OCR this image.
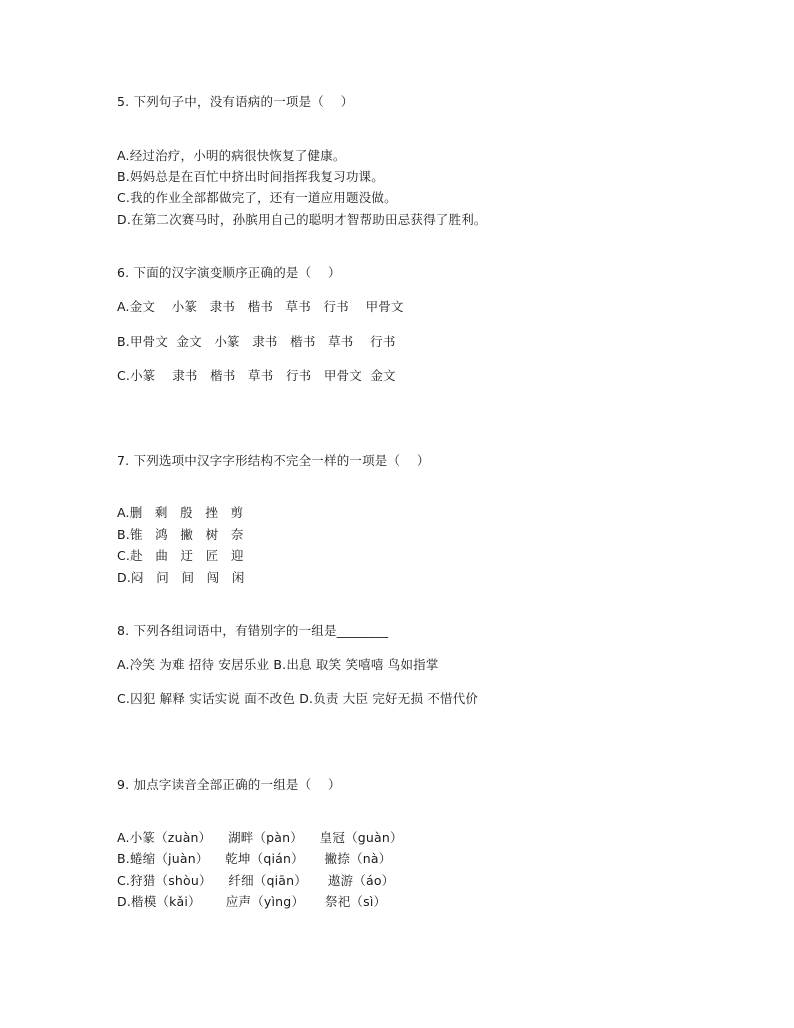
5. 下列句子中，没有语病的一项是（    ）

A.经过治疗，小明的病很快恢复了健康。

B.妈妈总是在百忙中挤出时间指挥我复习功课。

C.我的作业全部都做完了，还有一道应用题没做。

D.在第二次赛马时，孙膑用自己的聪明才智帮助田忌获得了胜利。

6. 下面的汉字演变顺序正确的是（    ）

A.金文    小篆   隶书   楷书   草书   行书    甲骨文

B.甲骨文  金文   小篆   隶书   楷书   草书    行书

C.小篆    隶书   楷书   草书   行书   甲骨文  金文

7. 下列选项中汉字字形结构不完全一样的一项是（    ）

A.删   剩   殷   挫   剪

B.锥   鸿   撇   树   奈

C.赴   曲   迂   匠   迎

D.闷   问   间   闯   闲

8. 下列各组词语中，有错别字的一组是________

A.冷笑 为难 招待 安居乐业 B.出息 取笑 笑嘻嘻 鸟如指掌

C.囚犯 解释 实话实说 面不改色 D.负责 大臣 完好无损 不惜代价

9. 加点字读音全部正确的一组是（    ）

A.小篆（zuàn）    湖畔（pàn）    皇冠（guàn）

B.蜷缩（juàn）    乾坤（qián）     撇捺（nà）

C.狩猎（shòu）    纤细（qiān）     遨游（áo）

D.楷模（kǎi）      应声（yìng）     祭祀（sì）
